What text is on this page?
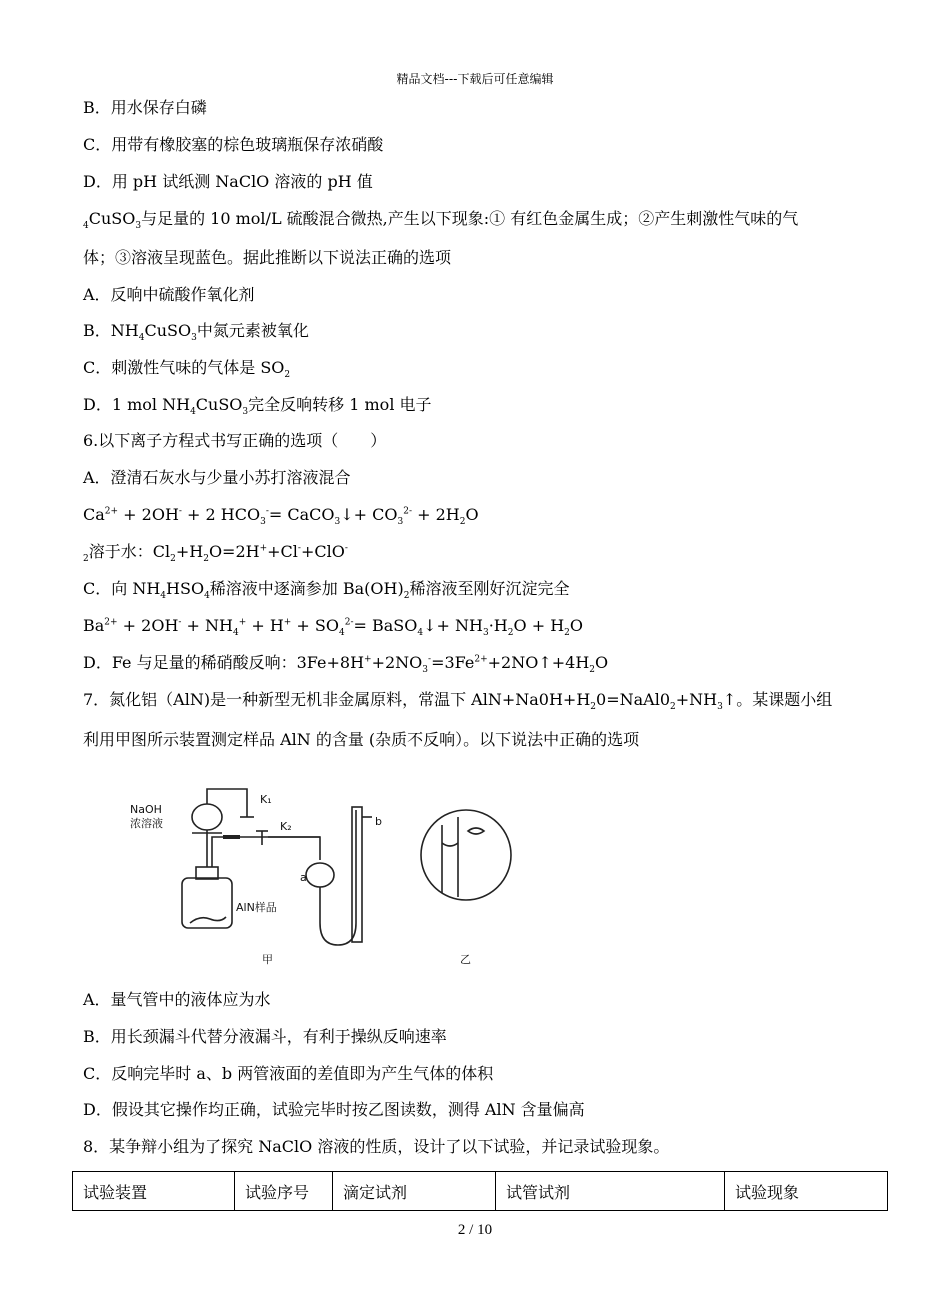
精品文档---下载后可任意编辑
B．用水保存白磷
C．用带有橡胶塞的棕色玻璃瓶保存浓硝酸
D．用 pH 试纸测 NaClO 溶液的 pH 值
$_4$CuSO$_3$与足量的 10 mol/L 硫酸混合微热,产生以下现象:① 有红色金属生成；②产生刺激性气味的气
体；③溶液呈现蓝色。据此推断以下说法正确的选项
A．反响中硫酸作氧化剂
B．$NH_4CuSO_3$中氮元素被氧化
C．刺激性气味的气体是 $SO_2$
D．1 mol $NH_4CuSO_3$完全反响转移 1 mol 电子
6.以下离子方程式书写正确的选项（　　）
A．澄清石灰水与少量小苏打溶液混合
$Ca^{2+} + 2OH^- + 2$ $HCO_3^-=$ CaCO$_3$↓+ $CO_3^{2-} + 2H_2O$
$_2$溶于水：$Cl_2+H_2O=2H^++Cl^-+ClO^-$
C．向 $NH_4HSO_4$稀溶液中逐滴参加 $Ba(OH)_2$稀溶液至刚好沉淀完全
$Ba^{2+} + 2OH^- + NH_4^+ + H^+ + SO_4^{2-}=$ BaSO$_4$↓+ $NH_3\cdot H_2O + H_2O$
D．Fe 与足量的稀硝酸反响：$3Fe+8H^++2NO_3^-=3Fe^{2+}+2NO↑+4H_2O$
7．氮化铝（AlN)是一种新型无机非金属原料，常温下 $AlN+Na0H+H_20=NaAl0_2+NH_3↑$。某课题小组
利用甲图所示装置测定样品 AlN 的含量 (杂质不反响）。以下说法中正确的选项
NaOH
浓溶液
K₁
K₂
a
b
AlN样品
甲	乙
A．量气管中的液体应为水
B．用长颈漏斗代替分液漏斗，有利于操纵反响速率
C．反响完毕时 a、b 两管液面的差值即为产生气体的体积
D．假设其它操作均正确，试验完毕时按乙图读数，测得 AlN 含量偏高
8．某争辩小组为了探究 NaClO 溶液的性质，设计了以下试验，并记录试验现象。
试验装置	试验序号	滴定试剂	试管试剂	试验现象
2 / 10
